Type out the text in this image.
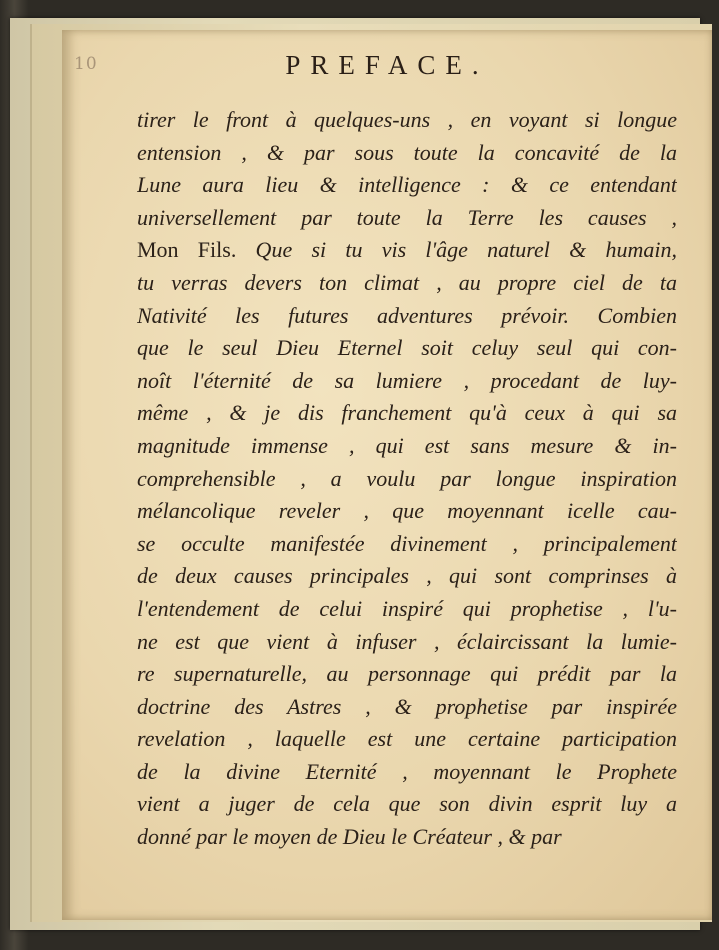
10	PREFACE.
tirer le front à quelques-uns , en voyant si longue
entension , & par sous toute la concavité de la
Lune aura lieu & intelligence : & ce entendant
universellement par toute la Terre les causes ,
Mon Fils. Que si tu vis l'âge naturel & humain,
tu verras devers ton climat , au propre ciel de ta
Nativité les futures adventures prévoir. Combien
que le seul Dieu Eternel soit celuy seul qui con-
noît l'éternité de sa lumiere , procedant de luy-
même , & je dis franchement qu'à ceux à qui sa
magnitude immense , qui est sans mesure & in-
comprehensible , a voulu par longue inspiration
mélancolique reveler , que moyennant icelle cau-
se occulte manifestée divinement , principalement
de deux causes principales , qui sont comprinses à
l'entendement de celui inspiré qui prophetise , l'u-
ne est que vient à infuser , éclaircissant la lumie-
re supernaturelle, au personnage qui prédit par la
doctrine des Astres , & prophetise par inspirée
revelation , laquelle est une certaine participation
de la divine Eternité , moyennant le Prophete
vient a juger de cela que son divin esprit luy a
donné par le moyen de Dieu le Créateur , & par
